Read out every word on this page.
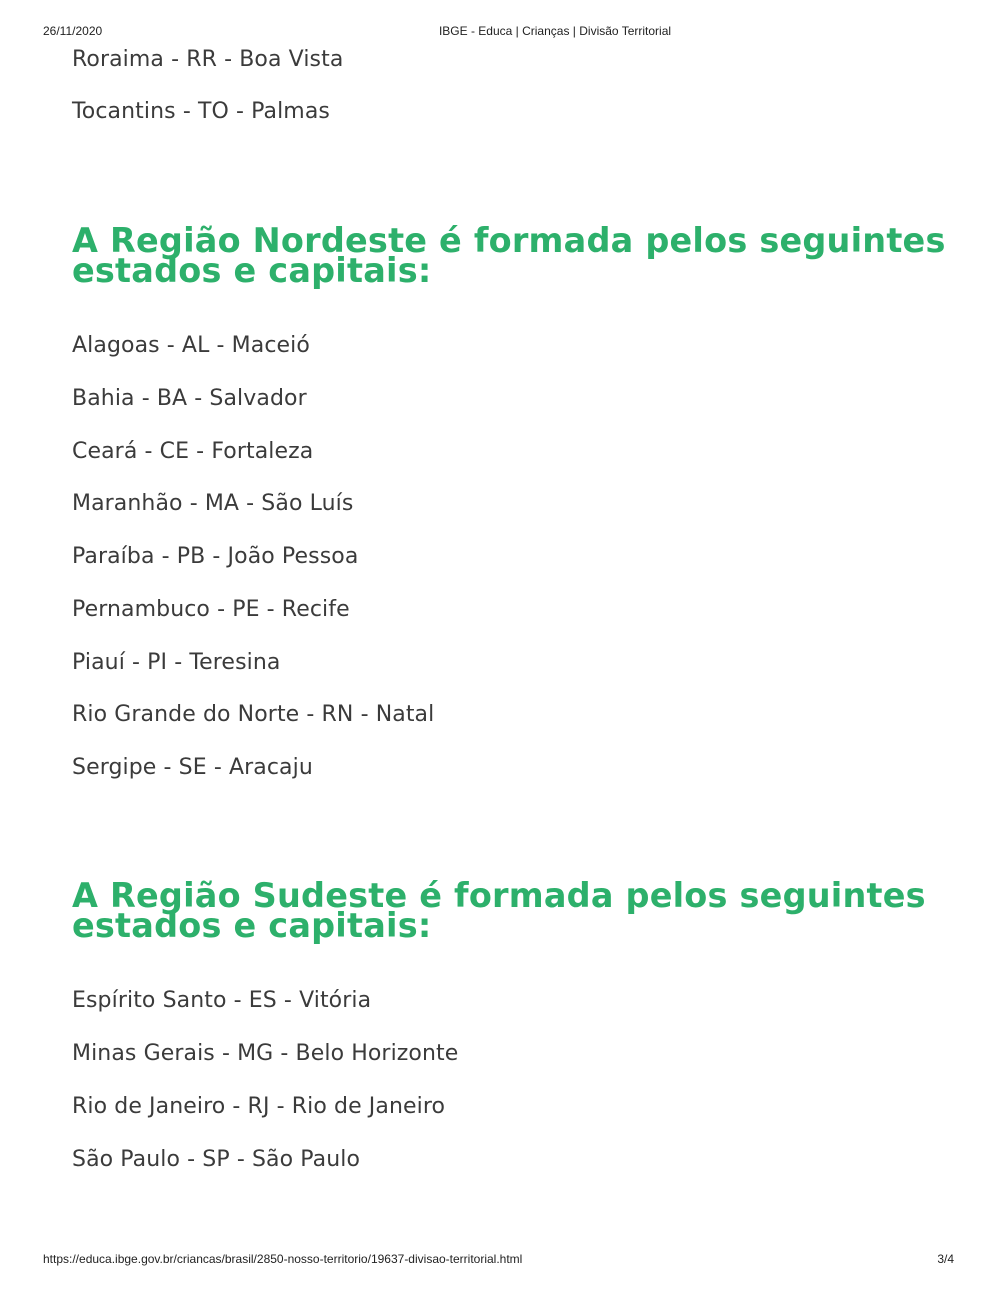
26/11/2020	IBGE - Educa | Crianças | Divisão Territorial
Roraima - RR - Boa Vista
Tocantins - TO - Palmas
A Região Nordeste é formada pelos seguintes estados e capitais:
Alagoas - AL - Maceió
Bahia - BA - Salvador
Ceará - CE - Fortaleza
Maranhão - MA - São Luís
Paraíba - PB - João Pessoa
Pernambuco - PE - Recife
Piauí - PI - Teresina
Rio Grande do Norte - RN - Natal
Sergipe - SE - Aracaju
A Região Sudeste é formada pelos seguintes estados e capitais:
Espírito Santo - ES - Vitória
Minas Gerais - MG - Belo Horizonte
Rio de Janeiro - RJ - Rio de Janeiro
São Paulo - SP - São Paulo
https://educa.ibge.gov.br/criancas/brasil/2850-nosso-territorio/19637-divisao-territorial.html	3/4
